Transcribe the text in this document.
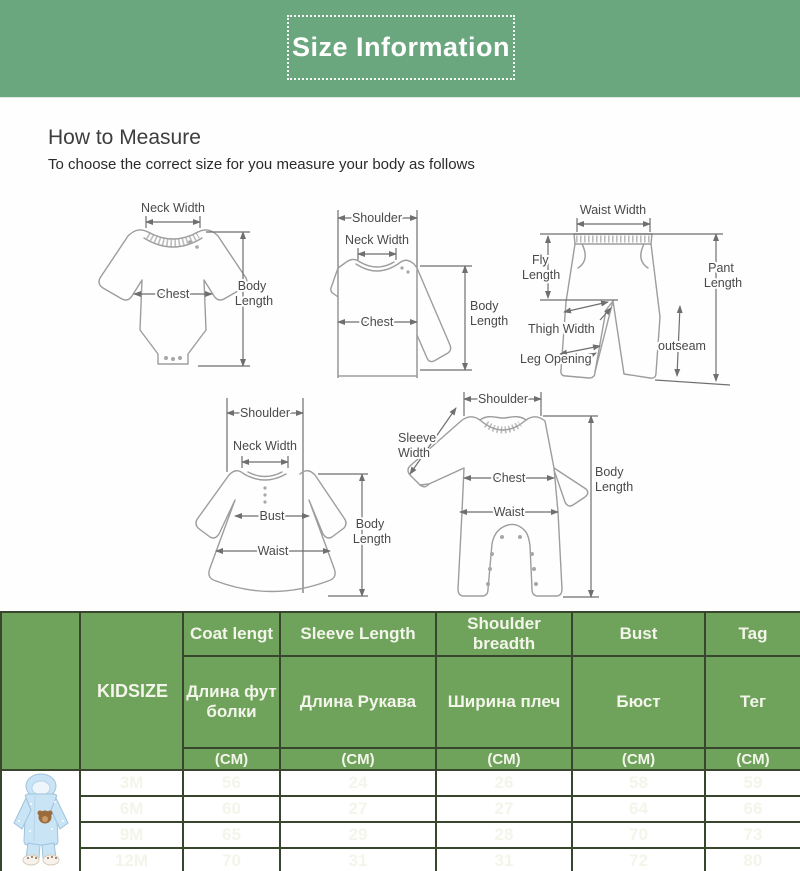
Size Information
How to Measure
To choose the correct size for you measure your body as follows
Neck Width
Chest
Body
Length
Shoulder
Neck Width
Chest
Body
Length
Waist Width
Fly
Length
Thigh Width
Leg Opening
outseam
Pant
Length
Shoulder
Neck Width
Bust
Waist
Body
Length
Shoulder
Sleeve
Width
Chest
Waist
Body
Length

	KID SIZE	Coat lengt	Sleeve Length	Shoulder breadth	Bust	Tag
		Длина фут болки	Длина Рукава	Ширина плеч	Бюст	Тег
		(CM)	(CM)	(CM)	(CM)	(CM)
	3M	56	24	26	58	59
	6M	60	27	27	64	66
	9M	65	29	28	70	73
	12M	70	31	31	72	80
